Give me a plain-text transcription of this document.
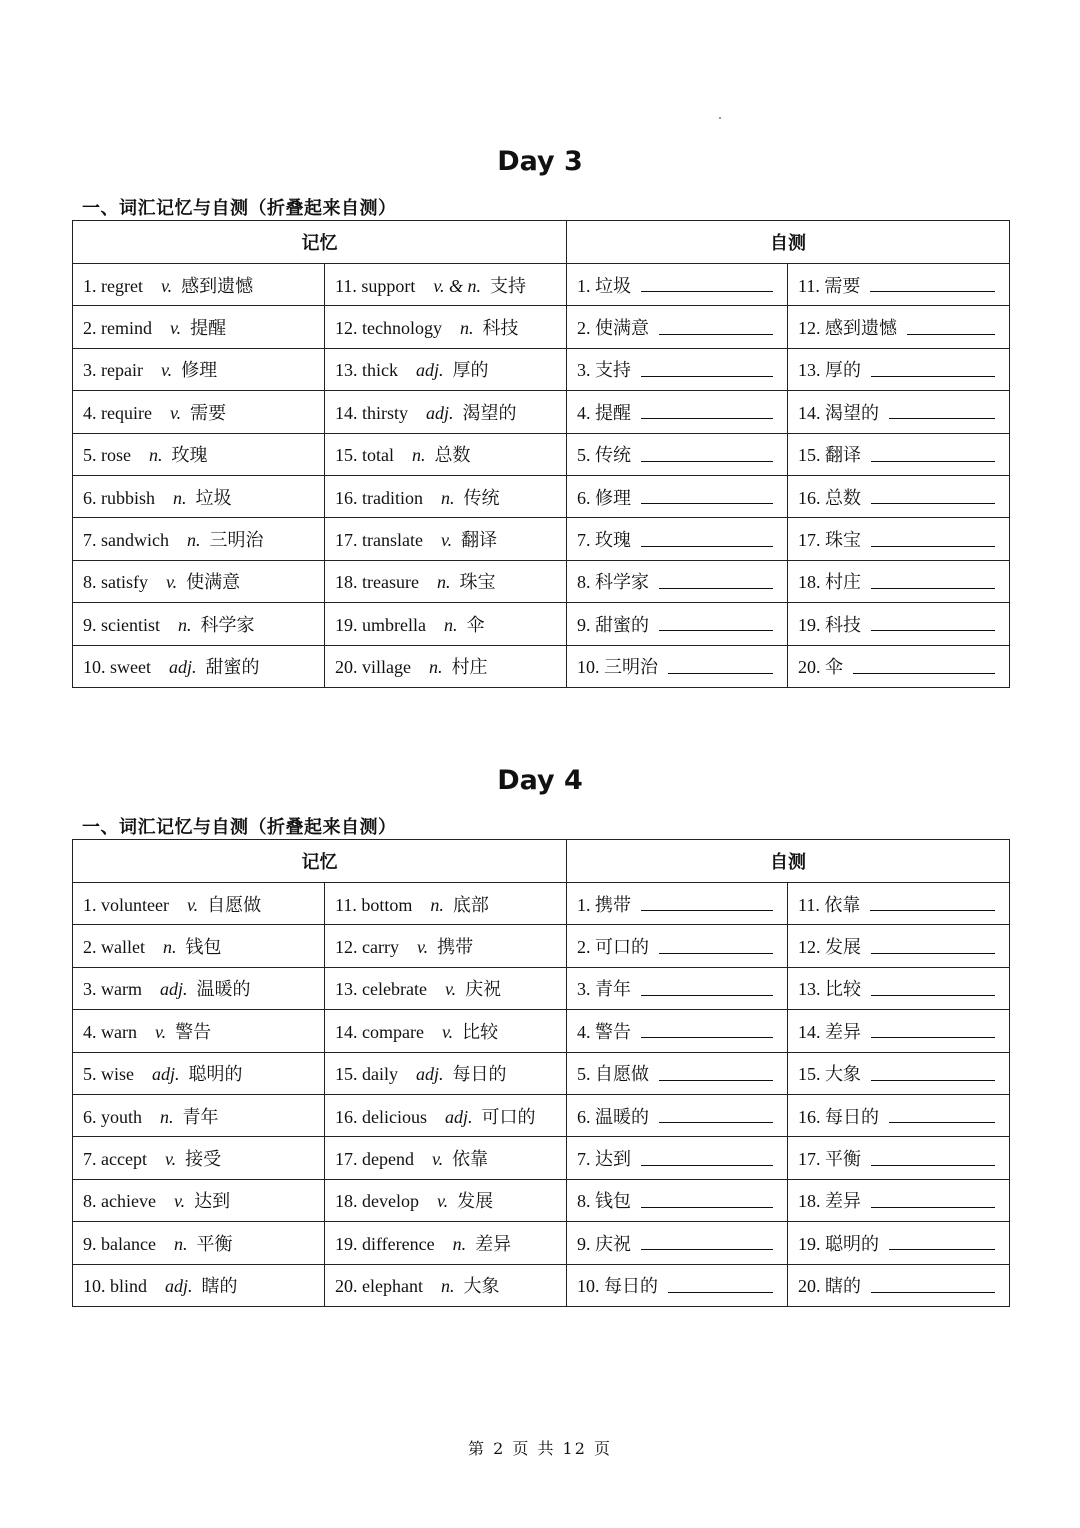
Day 3
一、词汇记忆与自测（折叠起来自测）
记忆		自测	
1. regret  v.  感到遗憾	11. support  v. & n.  支持	1. 垃圾	11. 需要

2. remind  v.  提醒	12. technology  n.  科技	2. 使满意	12. 感到遗憾

3. repair  v.  修理	13. thick  adj.  厚的	3. 支持	13. 厚的

4. require  v.  需要	14. thirsty  adj.  渴望的	4. 提醒	14. 渴望的

5. rose  n.  玫瑰	15. total  n.  总数	5. 传统	15. 翻译

6. rubbish  n.  垃圾	16. tradition  n.  传统	6. 修理	16. 总数

7. sandwich  n.  三明治	17. translate  v.  翻译	7. 玫瑰	17. 珠宝

8. satisfy  v.  使满意	18. treasure  n.  珠宝	8. 科学家	18. 村庄

9. scientist  n.  科学家	19. umbrella  n.  伞	9. 甜蜜的	19. 科技

10. sweet  adj.  甜蜜的	20. village  n.  村庄	10. 三明治	20. 伞
Day 4
一、词汇记忆与自测（折叠起来自测）
记忆		自测	
1. volunteer  v.  自愿做	11. bottom  n.  底部	1. 携带	11. 依靠

2. wallet  n.  钱包	12. carry  v.  携带	2. 可口的	12. 发展

3. warm  adj.  温暖的	13. celebrate  v.  庆祝	3. 青年	13. 比较

4. warn  v.  警告	14. compare  v.  比较	4. 警告	14. 差异

5. wise  adj.  聪明的	15. daily  adj.  每日的	5. 自愿做	15. 大象

6. youth  n.  青年	16. delicious  adj.  可口的	6. 温暖的	16. 每日的

7. accept  v.  接受	17. depend  v.  依靠	7. 达到	17. 平衡

8. achieve  v.  达到	18. develop  v.  发展	8. 钱包	18. 差异

9. balance  n.  平衡	19. difference  n.  差异	9. 庆祝	19. 聪明的

10. blind  adj.  瞎的	20. elephant  n.  大象	10. 每日的	20. 瞎的
第 2 页 共 12 页
